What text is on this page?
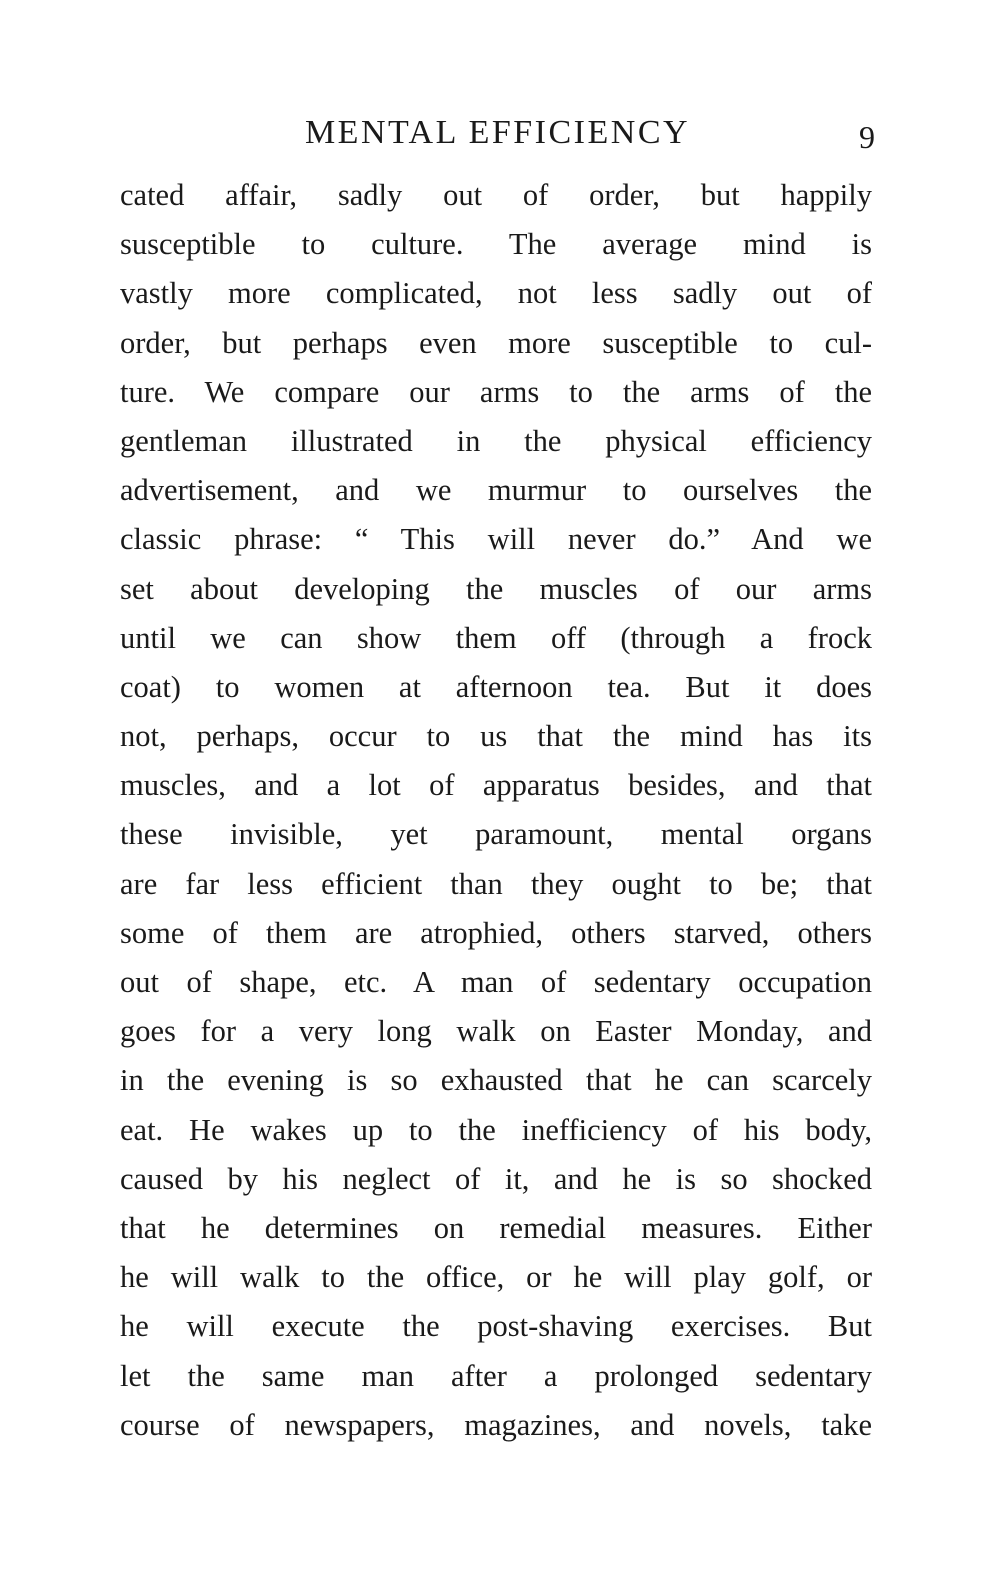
MENTAL EFFICIENCY	9
cated affair, sadly out of order, but happily
susceptible to culture. The average mind is
vastly more complicated, not less sadly out of
order, but perhaps even more susceptible to cul-
ture. We compare our arms to the arms of the
gentleman illustrated in the physical efficiency
advertisement, and we murmur to ourselves the
classic phrase: “ This will never do.” And we
set about developing the muscles of our arms
until we can show them off (through a frock
coat) to women at afternoon tea. But it does
not, perhaps, occur to us that the mind has its
muscles, and a lot of apparatus besides, and that
these invisible, yet paramount, mental organs
are far less efficient than they ought to be; that
some of them are atrophied, others starved, others
out of shape, etc. A man of sedentary occupation
goes for a very long walk on Easter Monday, and
in the evening is so exhausted that he can scarcely
eat. He wakes up to the inefficiency of his body,
caused by his neglect of it, and he is so shocked
that he determines on remedial measures. Either
he will walk to the office, or he will play golf, or
he will execute the post-shaving exercises. But
let the same man after a prolonged sedentary
course of newspapers, magazines, and novels, take
